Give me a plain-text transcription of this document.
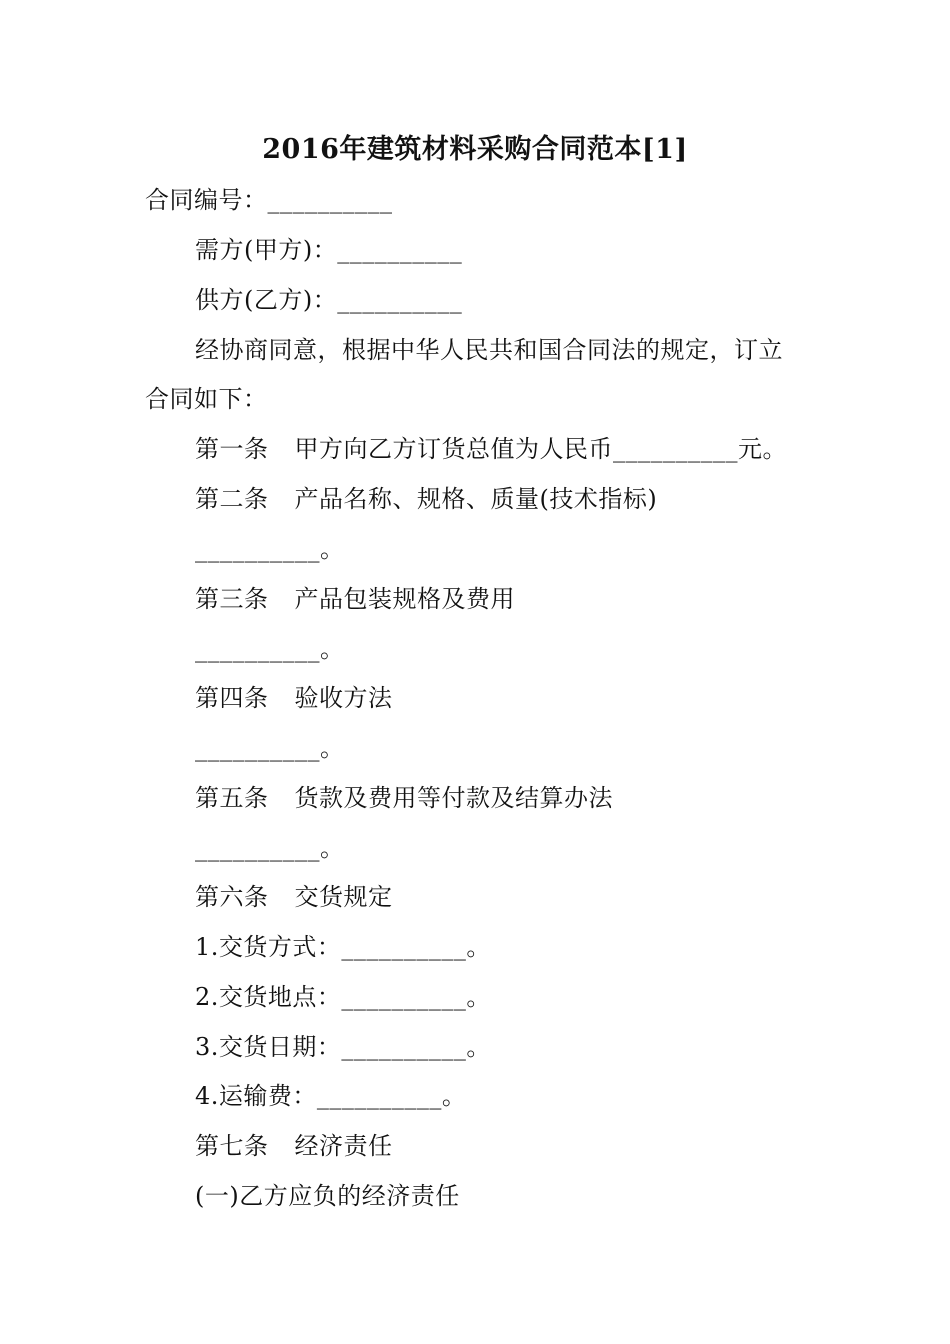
2016年建筑材料采购合同范本[1]
合同编号：__________
需方(甲方)：__________
供方(乙方)：__________
经协商同意，根据中华人民共和国合同法的规定，订立
合同如下：
第一条 甲方向乙方订货总值为人民币__________元。
第二条 产品名称、规格、质量(技术指标)
__________。
第三条 产品包装规格及费用
__________。
第四条 验收方法
__________。
第五条 货款及费用等付款及结算办法
__________。
第六条 交货规定
1.交货方式：__________。
2.交货地点：__________。
3.交货日期：__________。
4.运输费：__________。
第七条 经济责任
(一)乙方应负的经济责任
